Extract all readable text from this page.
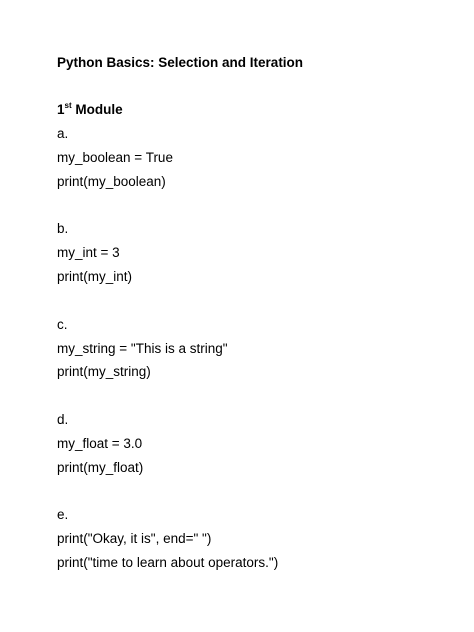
Python Basics: Selection and Iteration
1st Module
a.
my_boolean = True
print(my_boolean)
b.
my_int = 3
print(my_int)
c.
my_string = "This is a string"
print(my_string)
d.
my_float = 3.0
print(my_float)
e.
print("Okay, it is", end=" ")
print("time to learn about operators.")
